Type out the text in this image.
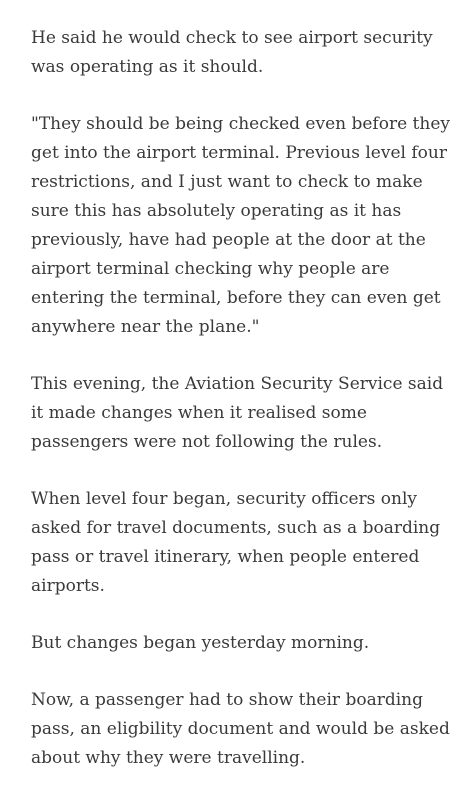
He said he would check to see airport security was operating as it should.

"They should be being checked even before they get into the airport terminal. Previous level four restrictions, and I just want to check to make sure this has absolutely operating as it has previously, have had people at the door at the airport terminal checking why people are entering the terminal, before they can even get anywhere near the plane."

This evening, the Aviation Security Service said it made changes when it realised some passengers were not following the rules.

When level four began, security officers only asked for travel documents, such as a boarding pass or travel itinerary, when people entered airports.

But changes began yesterday morning.

Now, a passenger had to show their boarding pass, an eligbility document and would be asked about why they were travelling.
